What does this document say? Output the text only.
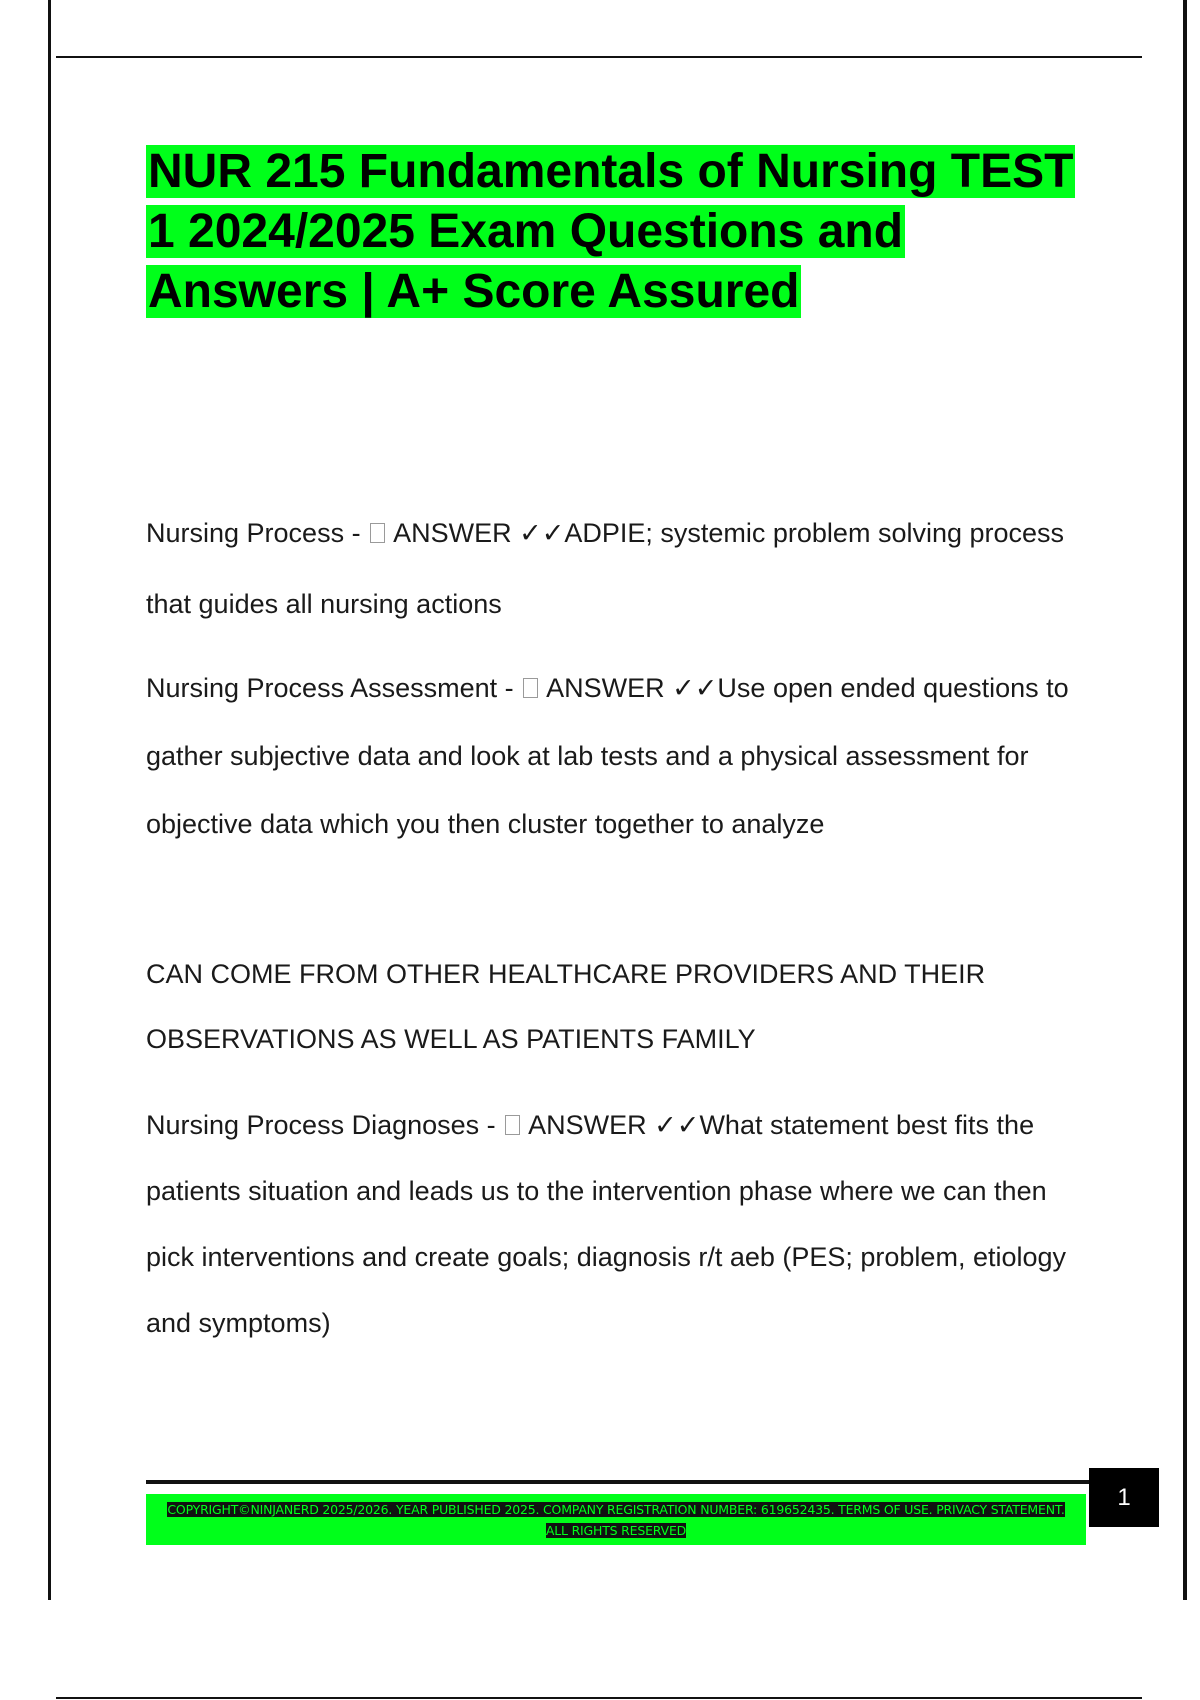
NUR 215 Fundamentals of Nursing TEST 1 2024/2025 Exam Questions and Answers | A+ Score Assured

Nursing Process -  ANSWER ✓✓ADPIE; systemic problem solving process that guides all nursing actions

Nursing Process Assessment -  ANSWER ✓✓Use open ended questions to gather subjective data and look at lab tests and a physical assessment for objective data which you then cluster together to analyze

CAN COME FROM OTHER HEALTHCARE PROVIDERS AND THEIR OBSERVATIONS AS WELL AS PATIENTS FAMILY

Nursing Process Diagnoses -  ANSWER ✓✓What statement best fits the patients situation and leads us to the intervention phase where we can then pick interventions and create goals; diagnosis r/t aeb (PES; problem, etiology and symptoms)

COPYRIGHT©NINJANERD 2025/2026. YEAR PUBLISHED 2025. COMPANY REGISTRATION NUMBER: 619652435. TERMS OF USE. PRIVACY STATEMENT. ALL RIGHTS RESERVED
1
